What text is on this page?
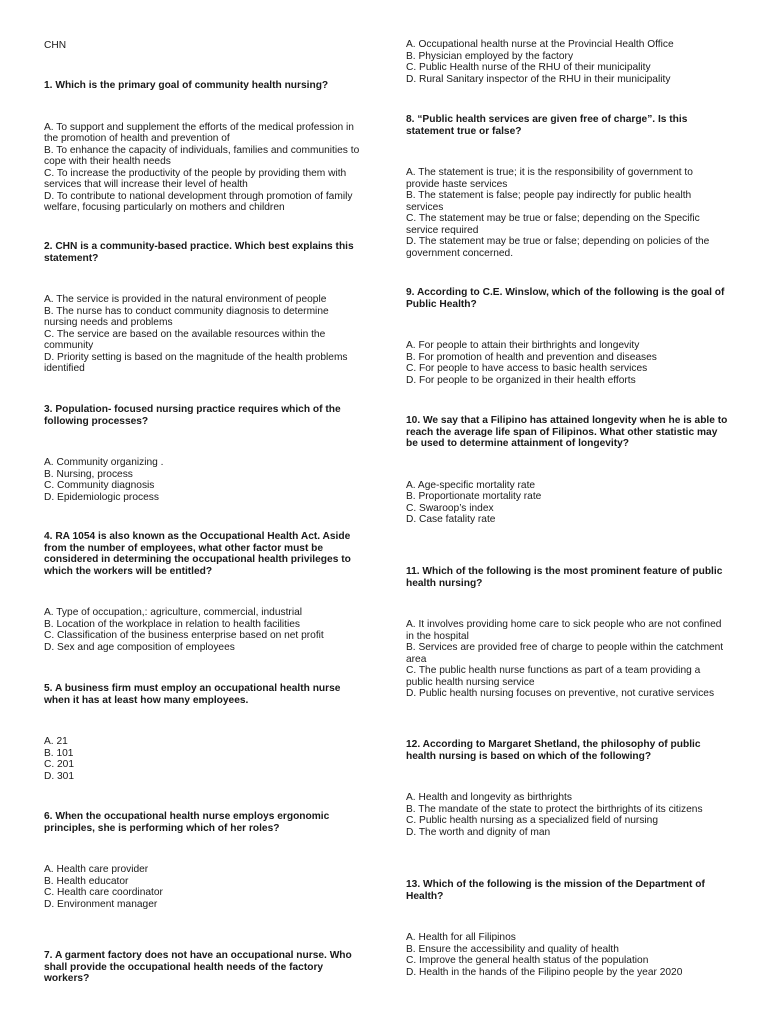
CHN
1. Which is the primary goal of community health nursing?
A. To support and supplement the efforts of the medical profession in the promotion of health and prevention of
B. To enhance the capacity of individuals, families and communities to cope with their health needs
C. To increase the productivity of the people by providing them with services that will increase their level of health
D. To contribute to national development through promotion of family welfare, focusing particularly on mothers and children
2. CHN is a community-based practice. Which best explains this statement?
A. The service is provided in the natural environment of people
B. The nurse has to conduct community diagnosis to determine nursing needs and problems
C. The service are based on the available resources within the community
D. Priority setting is based on the magnitude of the health problems identified
3. Population- focused nursing practice requires which of the following processes?
A. Community organizing .
B. Nursing, process
C. Community diagnosis
D. Epidemiologic process
4. RA 1054 is also known as the Occupational Health Act. Aside from the number of employees, what other factor must be considered in determining the occupational health privileges to which the workers will be entitled?
A. Type of occupation,: agriculture, commercial, industrial
B. Location of the workplace in relation to health facilities
C. Classification of the business enterprise based on net profit
D. Sex and age composition of employees
5. A business firm must employ an occupational health nurse when it has at least how many employees.
A. 21
B. 101
C. 201
D. 301
6. When the occupational health nurse employs ergonomic principles, she is performing which of her roles?
A. Health care provider
B. Health educator
C. Health care coordinator
D. Environment manager
7. A garment factory does not have an occupational nurse. Who shall provide the occupational health needs of the factory workers?
A. Occupational health nurse at the Provincial Health Office
B. Physician employed by the factory
C. Public Health nurse of the RHU of their municipality
D. Rural Sanitary inspector of the RHU in their municipality
8. “Public health services are given free of charge”. Is this statement true or false?
A. The statement is true; it is the responsibility of government to provide haste services
B. The statement is false; people pay indirectly for public health services
C. The statement may be true or false; depending on the Specific service required
D. The statement may be true or false; depending on policies of the government concerned.
9. According to C.E. Winslow, which of the following is the goal of Public Health?
A. For people to attain their birthrights and longevity
B. For promotion of health and prevention and diseases
C. For people to have access to basic health services
D. For people to be organized in their health efforts
10. We say that a Filipino has attained longevity when he is able to reach the average life span of Filipinos. What other statistic may be used to determine attainment of longevity?
A. Age-specific mortality rate
B. Proportionate mortality rate
C. Swaroop’s index
D. Case fatality rate
11. Which of the following is the most prominent feature of public health nursing?
A. It involves providing home care to sick people who are not confined in the hospital
B. Services are provided free of charge to people within the catchment area
C. The public health nurse functions as part of a team providing a public health nursing service
D. Public health nursing focuses on preventive, not curative services
12. According to Margaret Shetland, the philosophy of public health nursing is based on which of the following?
A. Health and longevity as birthrights
B. The mandate of the state to protect the birthrights of its citizens
C. Public health nursing as a specialized field of nursing
D. The worth and dignity of man
13. Which of the following is the mission of the Department of Health?
A. Health for all Filipinos
B. Ensure the accessibility and quality of health
C. Improve the general health status of the population
D. Health in the hands of the Filipino people by the year 2020
